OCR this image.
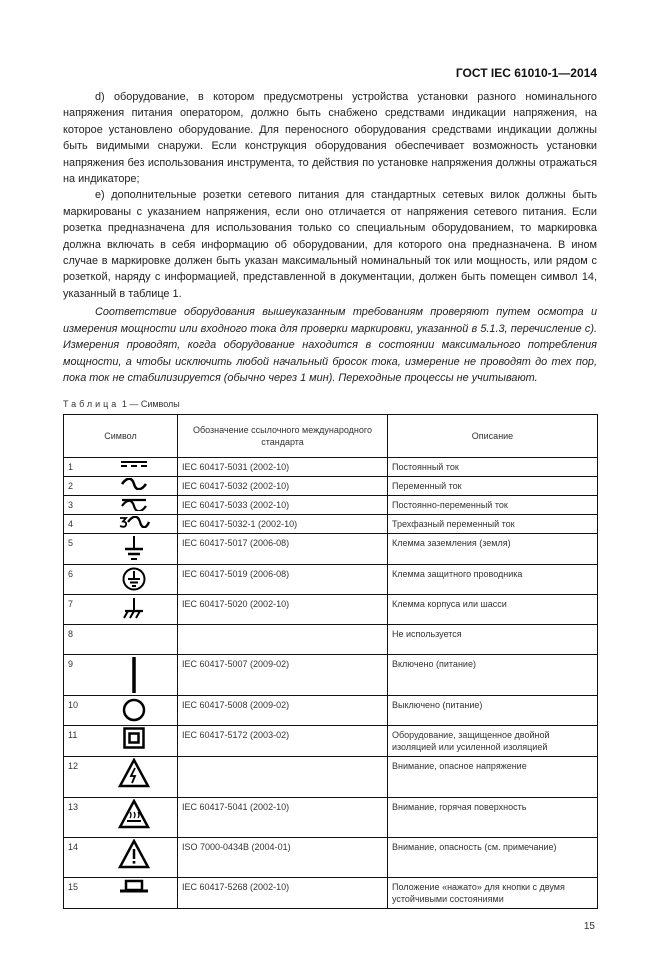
ГОСТ IEC 61010-1—2014

d) оборудование, в котором предусмотрены устройства установки разного номинального напряжения питания оператором, должно быть снабжено средствами индикации напряжения, на которое установлено оборудование. Для переносного оборудования средствами индикации должны быть видимыми снаружи. Если конструкция оборудования обеспечивает возможность установки напряжения без использования инструмента, то действия по установке напряжения должны отражаться на индикаторе;

е) дополнительные розетки сетевого питания для стандартных сетевых вилок должны быть маркированы с указанием напряжения, если оно отличается от напряжения сетевого питания. Если розетка предназначена для использования только со специальным оборудованием, то маркировка должна включать в себя информацию об оборудовании, для которого она предназначена. В ином случае в маркировке должен быть указан максимальный номинальный ток или мощность, или рядом с розеткой, наряду с информацией, представленной в документации, должен быть помещен символ 14, указанный в таблице 1.

Соответствие оборудования вышеуказанным требованиям проверяют путем осмотра и измерения мощности или входного тока для проверки маркировки, указанной в 5.1.3, перечисление с). Измерения проводят, когда оборудование находится в состоянии максимального потребления мощности, а чтобы исключить любой начальный бросок тока, измерение не проводят до тех пор, пока ток не стабилизируется (обычно через 1 мин). Переходные процессы не учитывают.

Таблица 1 — Символы
Символ		Обозначение ссылочного международного стандарта	Описание
1		IEC 60417-5031 (2002-10)	Постоянный ток
2		IEC 60417-5032 (2002-10)	Переменный ток
3		IEC 60417-5033 (2002-10)	Постоянно-переменный ток
4		IEC 60417-5032-1 (2002-10)	Трехфазный переменный ток
5		IEC 60417-5017 (2006-08)	Клемма заземления (земля)
6		IEC 60417-5019 (2006-08)	Клемма защитного проводника
7		IEC 60417-5020 (2002-10)	Клемма корпуса или шасси
8			Не используется
9		IEC 60417-5007 (2009-02)	Включено (питание)
10		IEC 60417-5008 (2009-02)	Выключено (питание)
11		IEC 60417-5172 (2003-02)	Оборудование, защищенное двойной изоляцией или усиленной изоляцией
12			Внимание, опасное напряжение
13		IEC 60417-5041 (2002-10)	Внимание, горячая поверхность
14		ISO 7000-0434B (2004-01)	Внимание, опасность (см. примечание)
15		IEC 60417-5268 (2002-10)	Положение «нажато» для кнопки с двумя устойчивыми состояниями
15
